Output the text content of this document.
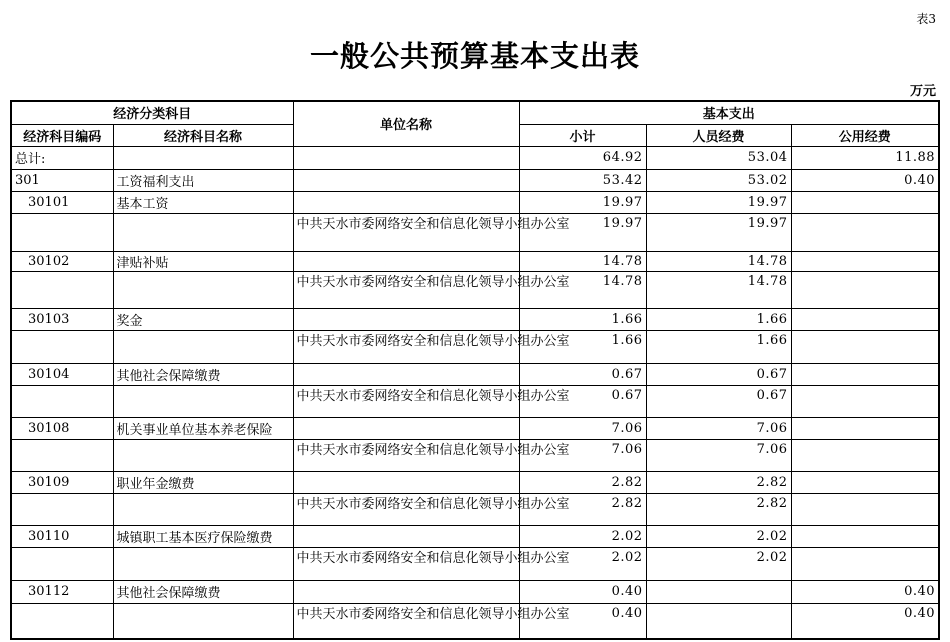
表3
一般公共预算基本支出表
万元
经济分类科目		单位名称	基本支出		
经济科目编码	经济科目名称		小计	人员经费	公用经费
总计:			64.92	53.04	11.88
301	工资福利支出		53.42	53.02	0.40
30101	基本工资		19.97	19.97	
		中共天水市委网络安全和信息化领导小组办公室	19.97	19.97	
30102	津贴补贴		14.78	14.78	
		中共天水市委网络安全和信息化领导小组办公室	14.78	14.78	
30103	奖金		1.66	1.66	
		中共天水市委网络安全和信息化领导小组办公室	1.66	1.66	
30104	其他社会保障缴费		0.67	0.67	
		中共天水市委网络安全和信息化领导小组办公室	0.67	0.67	
30108	机关事业单位基本养老保险		7.06	7.06	
		中共天水市委网络安全和信息化领导小组办公室	7.06	7.06	
30109	职业年金缴费		2.82	2.82	
		中共天水市委网络安全和信息化领导小组办公室	2.82	2.82	
30110	城镇职工基本医疗保险缴费		2.02	2.02	
		中共天水市委网络安全和信息化领导小组办公室	2.02	2.02	
30112	其他社会保障缴费		0.40		0.40
		中共天水市委网络安全和信息化领导小组办公室	0.40		0.40
